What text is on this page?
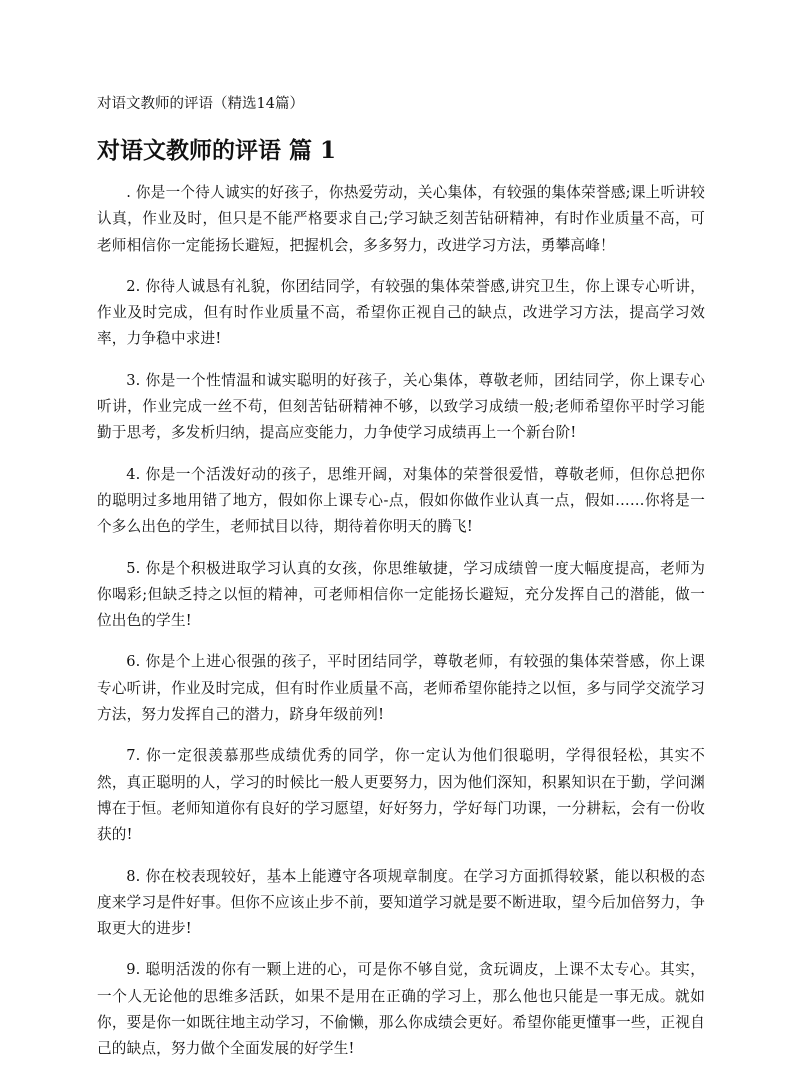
对语文教师的评语（精选14篇）
对语文教师的评语 篇 1

. 你是一个待人诚实的好孩子，你热爱劳动，关心集体，有较强的集体荣誉感;课上听讲较认真，作业及时，但只是不能严格要求自己;学习缺乏刻苦钻研精神，有时作业质量不高，可老师相信你一定能扬长避短，把握机会，多多努力，改进学习方法，勇攀高峰！

2. 你待人诚恳有礼貌，你团结同学，有较强的集体荣誉感,讲究卫生，你上课专心听讲，作业及时完成，但有时作业质量不高，希望你正视自己的缺点，改进学习方法，提高学习效率，力争稳中求进!

3. 你是一个性情温和诚实聪明的好孩子，关心集体，尊敬老师，团结同学，你上课专心听讲，作业完成一丝不苟，但刻苦钻研精神不够，以致学习成绩一般;老师希望你平时学习能勤于思考，多发析归纳，提高应变能力，力争使学习成绩再上一个新台阶!

4. 你是一个活泼好动的孩子，思维开阔，对集体的荣誉很爱惜，尊敬老师，但你总把你的聪明过多地用错了地方，假如你上课专心-点，假如你做作业认真一点，假如……你将是一个多么出色的学生，老师拭目以待，期待着你明天的腾飞!

5. 你是个积极进取学习认真的女孩，你思维敏捷，学习成绩曾一度大幅度提高，老师为你喝彩;但缺乏持之以恒的精神，可老师相信你一定能扬长避短，充分发挥自己的潜能，做一位出色的学生!

6. 你是个上进心很强的孩子，平时团结同学，尊敬老师，有较强的集体荣誉感，你上课专心听讲，作业及时完成，但有时作业质量不高，老师希望你能持之以恒，多与同学交流学习方法，努力发挥自己的潜力，跻身年级前列!

7. 你一定很羡慕那些成绩优秀的同学，你一定认为他们很聪明，学得很轻松，其实不然，真正聪明的人，学习的时候比一般人更要努力，因为他们深知，积累知识在于勤，学问渊博在于恒。老师知道你有良好的学习愿望，好好努力，学好每门功课，一分耕耘，会有一份收获的!

8. 你在校表现较好，基本上能遵守各项规章制度。在学习方面抓得较紧，能以积极的态度来学习是件好事。但你不应该止步不前，要知道学习就是要不断进取，望今后加倍努力，争取更大的进步!

9. 聪明活泼的你有一颗上进的心，可是你不够自觉，贪玩调皮，上课不太专心。其实，一个人无论他的思维多活跃，如果不是用在正确的学习上，那么他也只能是一事无成。就如你，要是你一如既往地主动学习，不偷懒，那么你成绩会更好。希望你能更懂事一些，正视自己的缺点，努力做个全面发展的好学生!
